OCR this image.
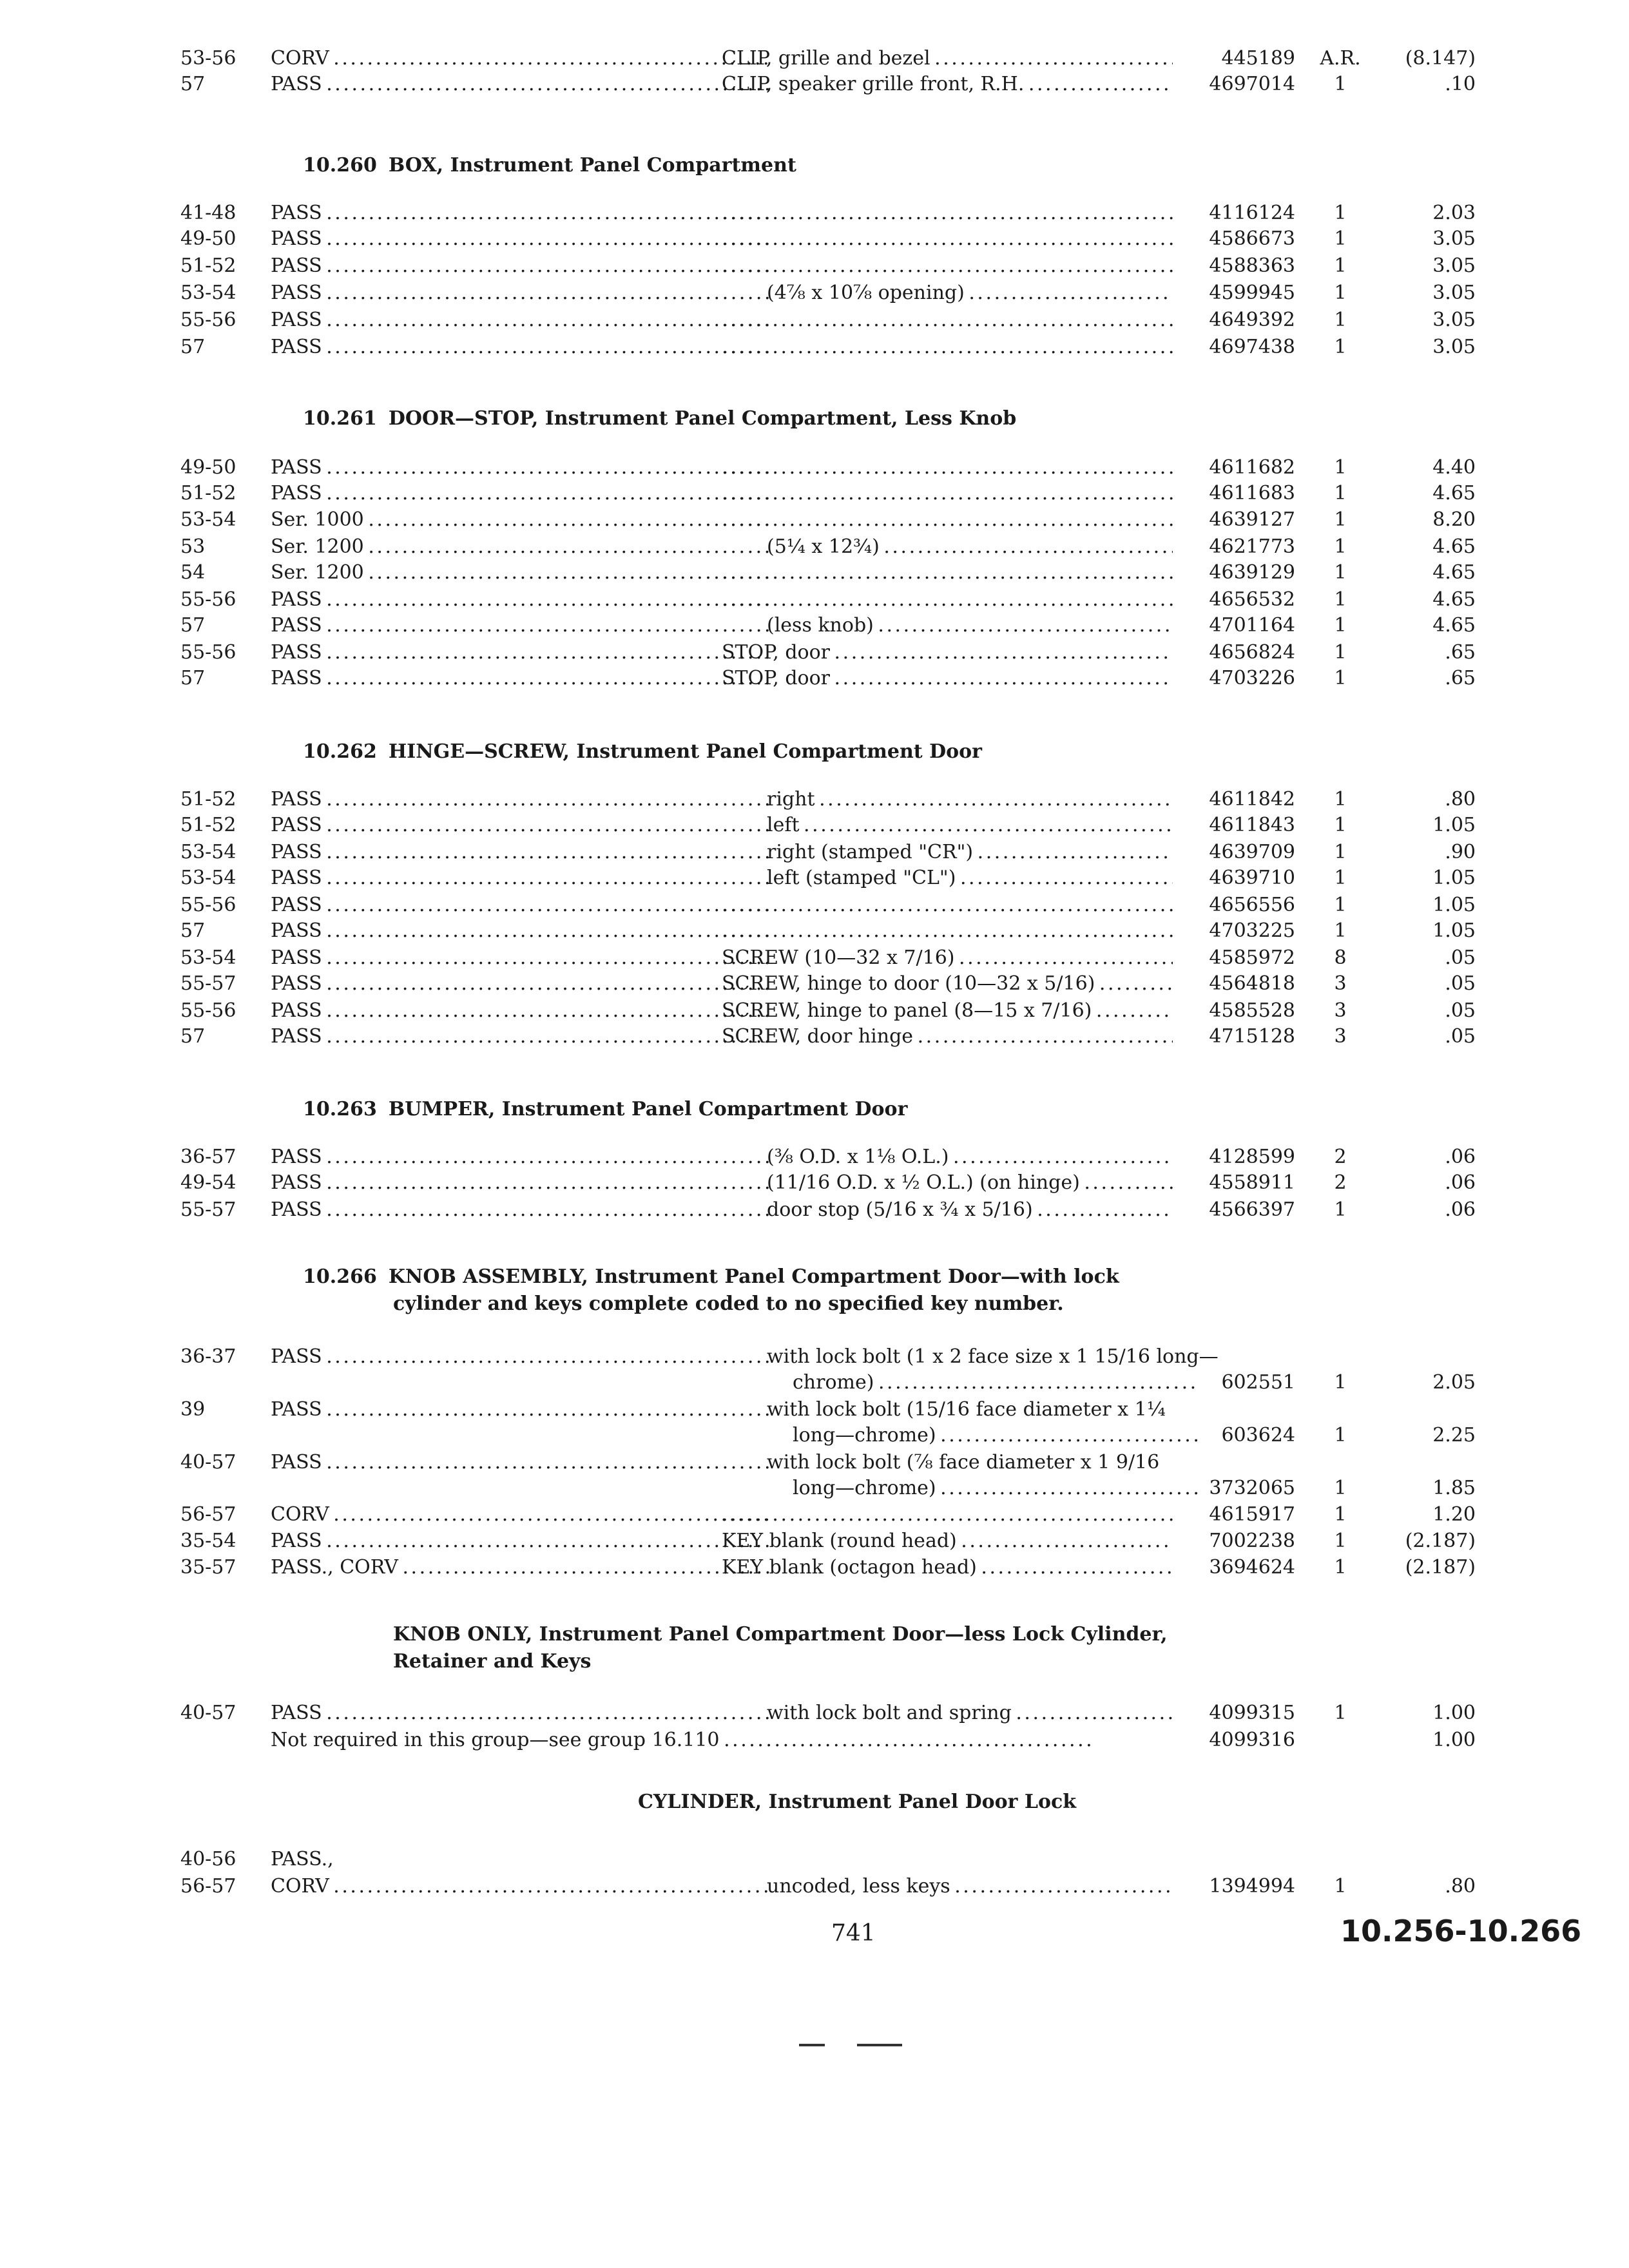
53-56	CORV . . .	CLIP, grille and bezel . . .	445189 A.R.	(8.147)
57	PASS . . .	CLIP, speaker grille front, R.H. . . .	4697014	1	.10
10.260 BOX, Instrument Panel Compartment
41-48	PASS . . . . . .	4116124	1	2.03
49-50	PASS . . . . . .	4586673	1	3.05
51-52	PASS . . . . . .	4588363	1	3.05
53-54	PASS . . .	(4⅞ x 10⅞ opening) . . .	4599945	1	3.05
55-56	PASS . . . . . .	4649392	1	3.05
57	PASS . . . . . .	4697438	1	3.05
10.261 DOOR—STOP, Instrument Panel Compartment, Less Knob
49-50	PASS . . . . . .	4611682	1	4.40
51-52	PASS . . . . . .	4611683	1	4.65
53-54	Ser. 1000 . . . . . .	4639127	1	8.20
53	Ser. 1200 . . .	(5¼ x 12¾) . . .	4621773	1	4.65
54	Ser. 1200 . . . . . .	4639129	1	4.65
55-56	PASS . . . . . .	4656532	1	4.65
57	PASS . . .	(less knob) . . .	4701164	1	4.65
55-56	PASS . . .	STOP, door . . .	4656824	1	.65
57	PASS . . .	STOP, door . . .	4703226	1	.65
10.262 HINGE—SCREW, Instrument Panel Compartment Door
51-52	PASS . . .	right . . .	4611842	1	.80
51-52	PASS . . .	left . . .	4611843	1	1.05
53-54	PASS . . .	right (stamped "CR") . . .	4639709	1	.90
53-54	PASS . . .	left (stamped "CL") . . .	4639710	1	1.05
55-56	PASS . . . . . .	4656556	1	1.05
57	PASS . . . . . .	4703225	1	1.05
53-54	PASS . . .	SCREW (10—32 x 7/16) . . .	4585972	8	.05
55-57	PASS . . .	SCREW, hinge to door (10—32 x 5/16) . . .	4564818	3	.05
55-56	PASS . . .	SCREW, hinge to panel (8—15 x 7/16) . . .	4585528	3	.05
57	PASS . . .	SCREW, door hinge . . .	4715128	3	.05
10.263 BUMPER, Instrument Panel Compartment Door
36-57	PASS . . .	(⅜ O.D. x 1⅛ O.L.) . . .	4128599	2	.06
49-54	PASS . . .	(11/16 O.D. x ½ O.L.) (on hinge) . . .	4558911	2	.06
55-57	PASS . . .	door stop (5/16 x ¾ x 5/16) . . .	4566397	1	.06
10.266 KNOB ASSEMBLY, Instrument Panel Compartment Door—with lock
cylinder and keys complete coded to no specified key number.
36-37	PASS . . .	with lock bolt (1 x 2 face size x 1 15/16 long—
chrome) . . .	602551	1	2.05
39	PASS . . .	with lock bolt (15/16 face diameter x 1¼
long—chrome) . . .	603624	1	2.25
40-57	PASS . . .	with lock bolt (⅞ face diameter x 1 9/16
long—chrome) . . .	3732065	1	1.85
56-57	CORV . . . . . .	4615917	1	1.20
35-54	PASS . . .	KEY blank (round head) . . .	7002238	1	(2.187)
35-57	PASS., CORV . . .	KEY blank (octagon head) . . .	3694624	1	(2.187)
KNOB ONLY, Instrument Panel Compartment Door—less Lock Cylinder,
Retainer and Keys
40-57	PASS . . .	with lock bolt and spring . . .	4099315	1	1.00
Not required in this group—see group 16.110 . . .	4099316	1.00
CYLINDER, Instrument Panel Door Lock
40-56	PASS.,
56-57	CORV . . .	uncoded, less keys . . .	1394994	1	.80
741	10.256-10.266
